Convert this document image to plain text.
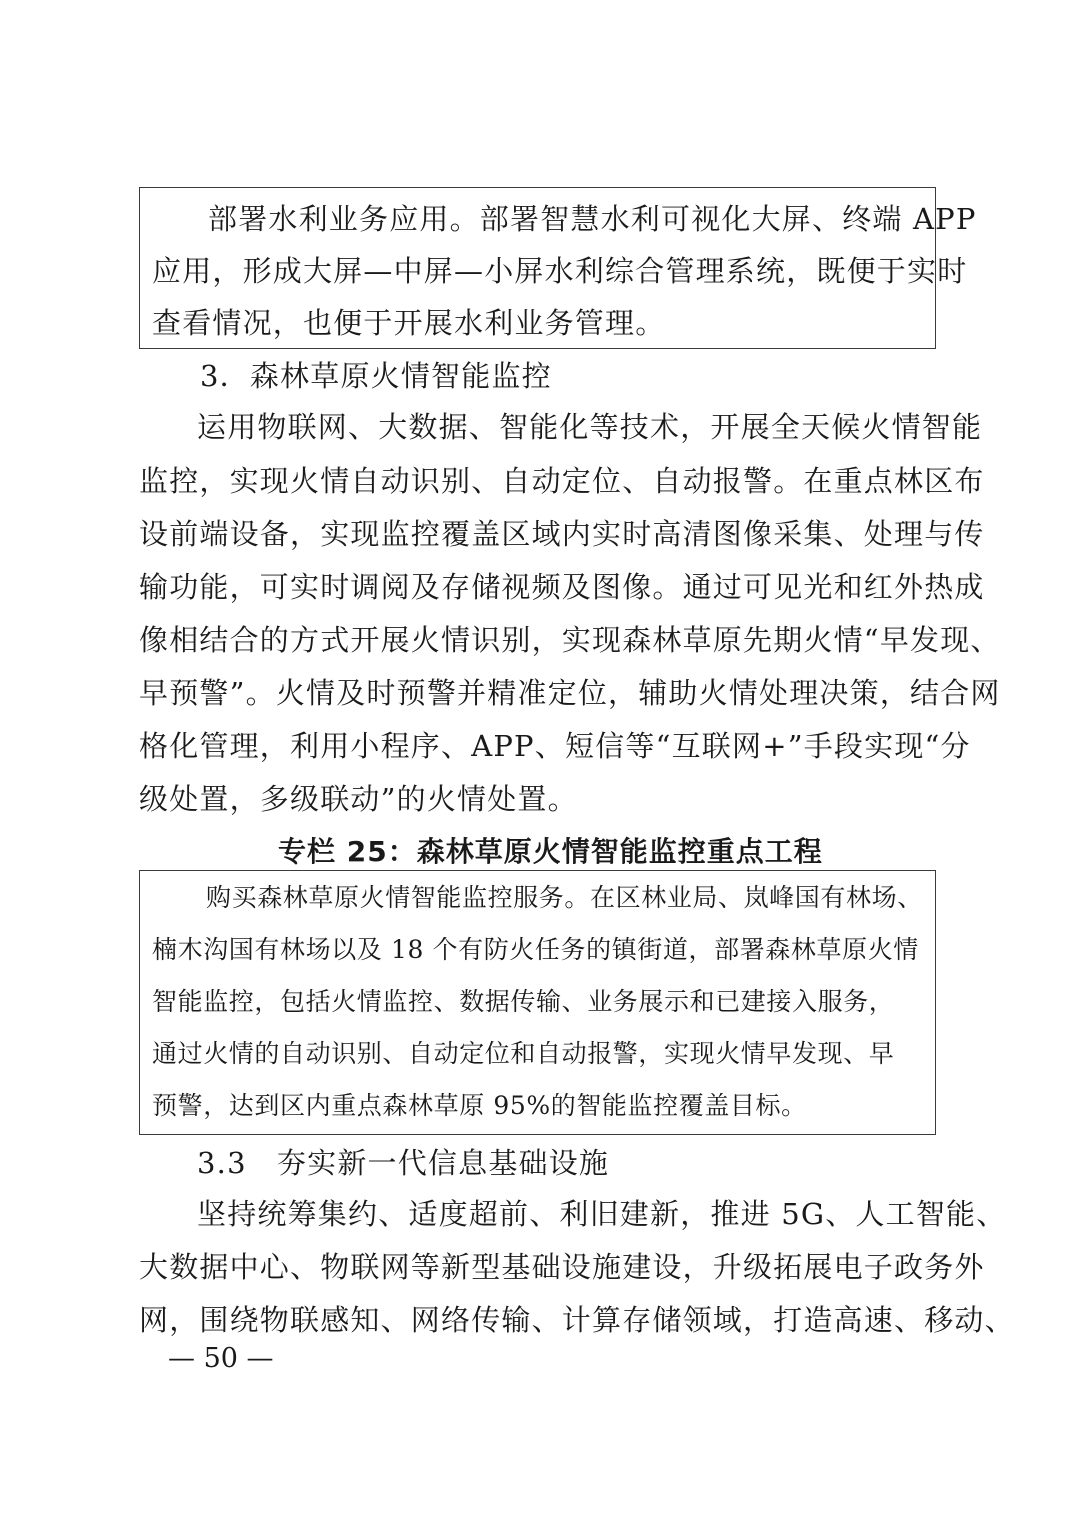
部署水利业务应用。部署智慧水利可视化大屏、终端 APP
应用，形成大屏—中屏—小屏水利综合管理系统，既便于实时
查看情况，也便于开展水利业务管理。
3．森林草原火情智能监控
运用物联网、大数据、智能化等技术，开展全天候火情智能
监控，实现火情自动识别、自动定位、自动报警。在重点林区布
设前端设备，实现监控覆盖区域内实时高清图像采集、处理与传
输功能，可实时调阅及存储视频及图像。通过可见光和红外热成
像相结合的方式开展火情识别，实现森林草原先期火情“早发现、
早预警”。火情及时预警并精准定位，辅助火情处理决策，结合网
格化管理，利用小程序、APP、短信等“互联网+”手段实现“分
级处置，多级联动”的火情处置。
专栏 25：森林草原火情智能监控重点工程
购买森林草原火情智能监控服务。在区林业局、岚峰国有林场、
楠木沟国有林场以及 18 个有防火任务的镇街道，部署森林草原火情
智能监控，包括火情监控、数据传输、业务展示和已建接入服务，
通过火情的自动识别、自动定位和自动报警，实现火情早发现、早
预警，达到区内重点森林草原 95%的智能监控覆盖目标。
3.3　夯实新一代信息基础设施
坚持统筹集约、适度超前、利旧建新，推进 5G、人工智能、
大数据中心、物联网等新型基础设施建设，升级拓展电子政务外
网，围绕物联感知、网络传输、计算存储领域，打造高速、移动、
— 50 —
